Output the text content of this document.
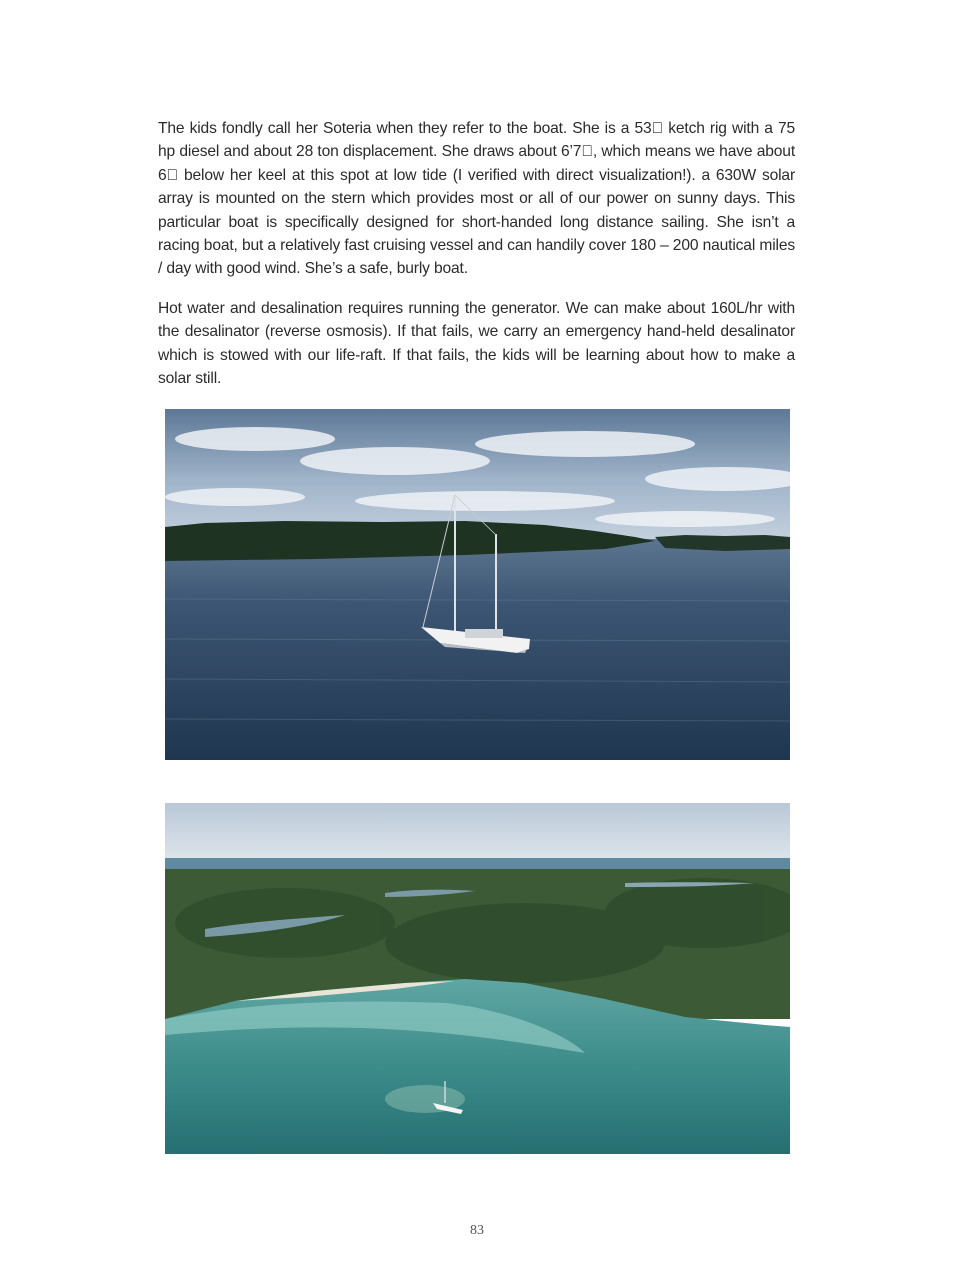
The kids fondly call her Soteria when they refer to the boat. She is a 53  ketch rig with a 75 hp diesel and about 28 ton displacement. She draws about 6’7 , which means we have about 6  below her keel at this spot at low tide (I verified with direct visualization!). a 630W solar array is mounted on the stern which provides most or all of our power on sunny days. This particular boat is specifically designed for short-handed long distance sailing. She isn’t a racing boat, but a relatively fast cruising vessel and can handily cover 180 – 200 nautical miles / day with good wind. She’s a safe, burly boat.

Hot water and desalination requires running the generator. We can make about 160L/hr with the desalinator (reverse osmosis). If that fails, we carry an emergency hand-held desalinator which is stowed with our life-raft. If that fails, the kids will be learning about how to make a solar still.

83
